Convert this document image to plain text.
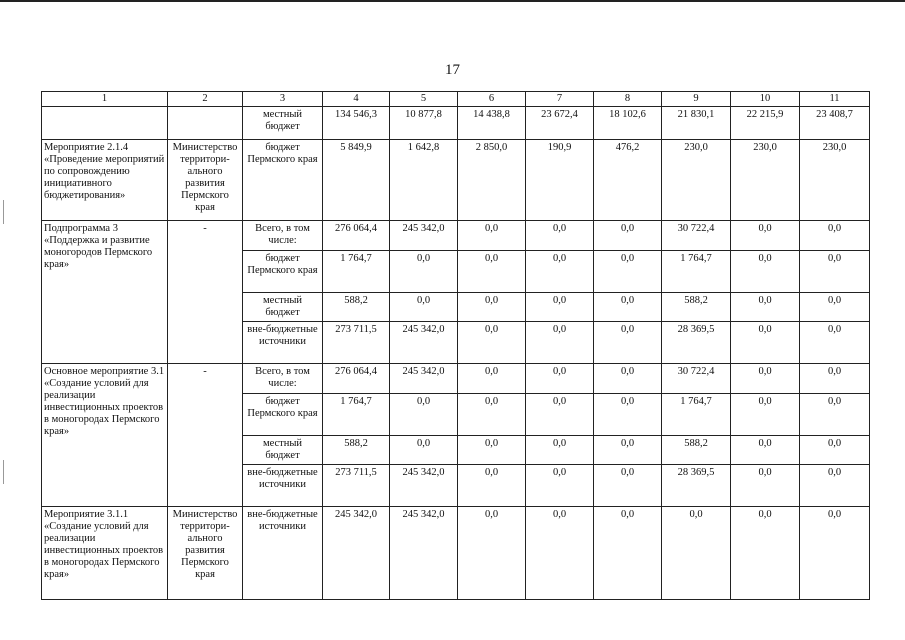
17
1	2	3	4	5	6	7	8	9	10	11
		местный бюджет	134 546,3	10 877,8	14 438,8	23 672,4	18 102,6	21 830,1	22 215,9	23 408,7
Мероприятие 2.1.4 «Проведение мероприятий по сопровождению инициативного бюджетирования»	Министерство территори-ального развития Пермского края	бюджет Пермского края	5 849,9	1 642,8	2 850,0	190,9	476,2	230,0	230,0	230,0
Подпрограмма 3 «Поддержка и развитие моногородов Пермского края»	-	Всего, в том числе:	276 064,4	245 342,0	0,0	0,0	0,0	30 722,4	0,0	0,0
		бюджет Пермского края	1 764,7	0,0	0,0	0,0	0,0	1 764,7	0,0	0,0
		местный бюджет	588,2	0,0	0,0	0,0	0,0	588,2	0,0	0,0
		вне-бюджетные источники	273 711,5	245 342,0	0,0	0,0	0,0	28 369,5	0,0	0,0
Основное мероприятие 3.1 «Создание условий для реализации инвестиционных проектов в моногородах Пермского края»	-	Всего, в том числе:	276 064,4	245 342,0	0,0	0,0	0,0	30 722,4	0,0	0,0
		бюджет Пермского края	1 764,7	0,0	0,0	0,0	0,0	1 764,7	0,0	0,0
		местный бюджет	588,2	0,0	0,0	0,0	0,0	588,2	0,0	0,0
		вне-бюджетные источники	273 711,5	245 342,0	0,0	0,0	0,0	28 369,5	0,0	0,0
Мероприятие 3.1.1 «Создание условий для реализации инвестиционных проектов в моногородах Пермского края»	Министерство территори-ального развития Пермского края	вне-бюджетные источники	245 342,0	245 342,0	0,0	0,0	0,0	0,0	0,0	0,0
